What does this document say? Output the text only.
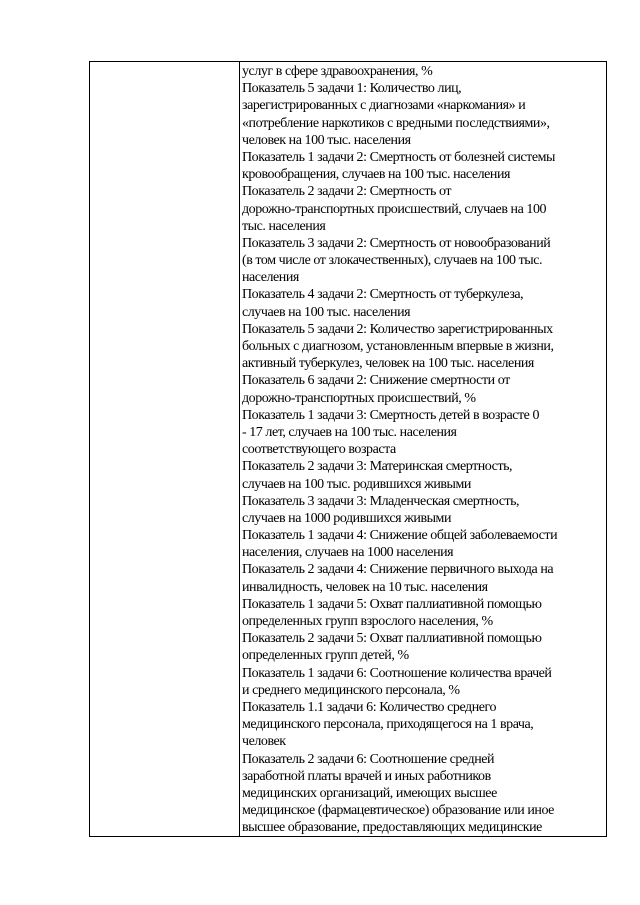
услуг в сфере здравоохранения, %
Показатель 5 задачи 1: Количество лиц,
зарегистрированных с диагнозами «наркомания» и
«потребление наркотиков с вредными последствиями»,
человек на 100 тыс. населения
Показатель 1 задачи 2: Смертность от болезней системы
кровообращения, случаев на 100 тыс. населения
Показатель 2 задачи 2: Смертность от
дорожно-транспортных происшествий, случаев на 100
тыс. населения
Показатель 3 задачи 2: Смертность от новообразований
(в том числе от злокачественных), случаев на 100 тыс.
населения
Показатель 4 задачи 2: Смертность от туберкулеза,
случаев на 100 тыс. населения
Показатель 5 задачи 2: Количество зарегистрированных
больных с диагнозом, установленным впервые в жизни,
активный туберкулез, человек на 100 тыс. населения
Показатель 6 задачи 2: Снижение смертности от
дорожно-транспортных происшествий, %
Показатель 1 задачи 3: Смертность детей в возрасте 0
- 17 лет, случаев на 100 тыс. населения
соответствующего возраста
Показатель 2 задачи 3: Материнская смертность,
случаев на 100 тыс. родившихся живыми
Показатель 3 задачи 3: Младенческая смертность,
случаев на 1000 родившихся живыми
Показатель 1 задачи 4: Снижение общей заболеваемости
населения, случаев на 1000 населения
Показатель 2 задачи 4: Снижение первичного выхода на
инвалидность, человек на 10 тыс. населения
Показатель 1 задачи 5: Охват паллиативной помощью
определенных групп взрослого населения, %
Показатель 2 задачи 5: Охват паллиативной помощью
определенных групп детей, %
Показатель 1 задачи 6: Соотношение количества врачей
и среднего медицинского персонала, %
Показатель 1.1 задачи 6: Количество среднего
медицинского персонала, приходящегося на 1 врача,
человек
Показатель 2 задачи 6: Соотношение средней
заработной платы врачей и иных работников
медицинских организаций, имеющих высшее
медицинское (фармацевтическое) образование или иное
высшее образование, предоставляющих медицинские
